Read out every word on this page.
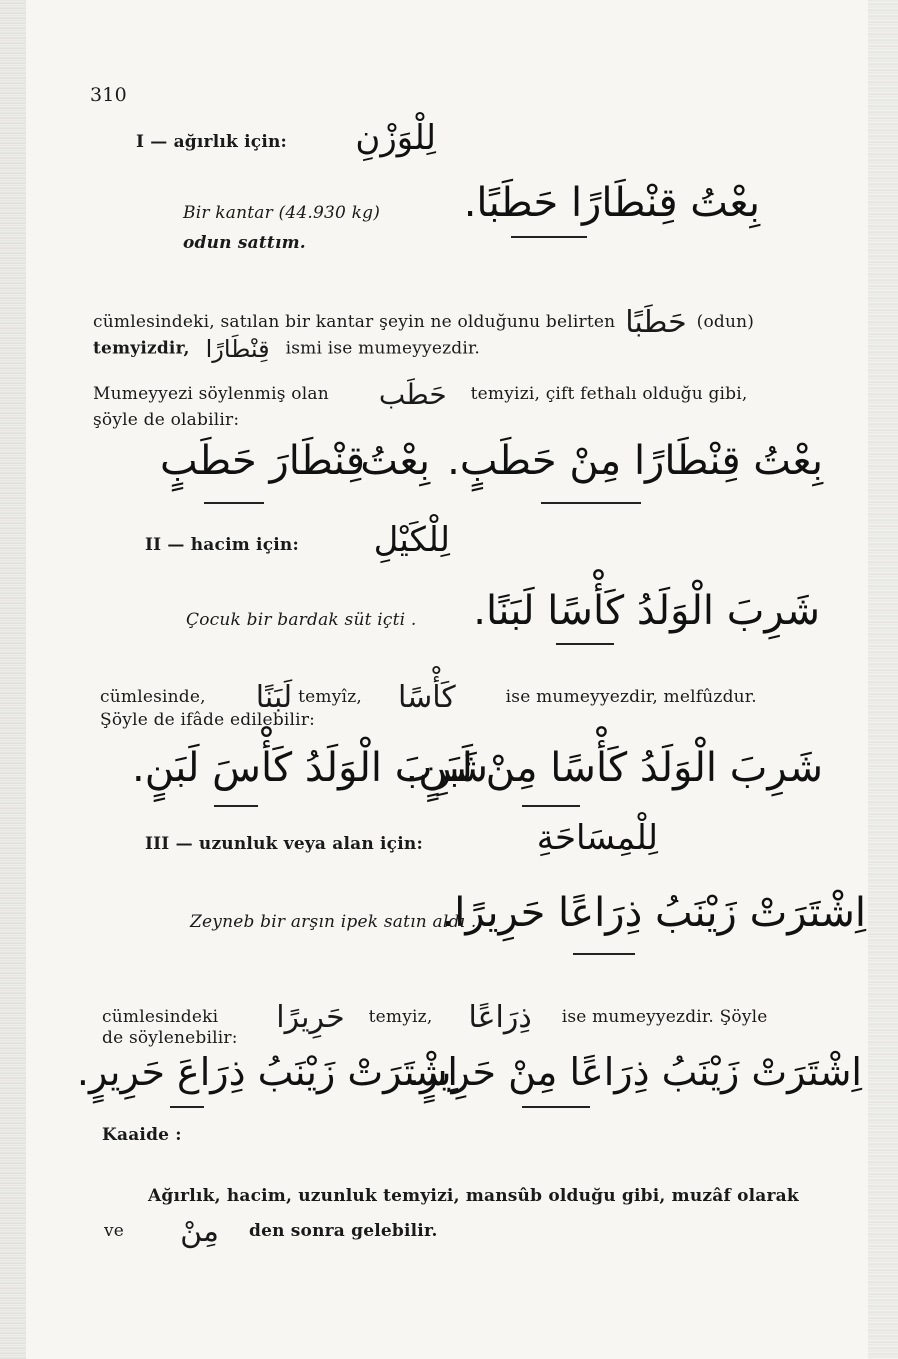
310
I — ağırlık için: لِلْوَزْنِ
Bir kantar (44.930 kg)
odun sattım.
بِعْتُ قِنْطَارًا حَطَبًا.
cümlesindeki, satılan bir kantar şeyin ne olduğunu belirten حَطَبًا (odun)
temyizdir, قِنْطَارًا ismi ise mumeyyezdir.
Mumeyyezi söylenmiş olan حَطَب temyizi, çift fethalı olduğu gibi,
şöyle de olabilir:
بِعْتُ قِنْطَارًا مِنْ حَطَبٍ.
بِعْتُ
قِنْطَارَ حَطَبٍ
II — hacim için: لِلْكَيْلِ
Çocuk bir bardak süt içti . شَرِبَ الْوَلَدُ كَأْسًا لَبَنًا.
cümlesinde, لَبَنًا temyîz, كَأْسًا	ise mumeyyezdir, melfûzdur.
Şöyle de ifâde edilebilir:
شَرِبَ الْوَلَدُ كَأْسًا مِنْ لَبَنٍ.
شَرِبَ الْوَلَدُ كَأْسَ لَبَنٍ.
III — uzunluk veya alan için:	لِلْمِسَاحَةِ
Zeyneb bir arşın ipek satın aldı .
اِشْتَرَتْ زَيْنَبُ ذِرَاعًا حَرِيرًا.
cümlesindeki حَرِيرًا temyiz, ذِرَاعًا ise mumeyyezdir. Şöyle
de söylenebilir:
اِشْتَرَتْ زَيْنَبُ ذِرَاعًا مِنْ حَرِيرٍ.
اِشْتَرَتْ زَيْنَبُ ذِرَاعَ حَرِيرٍ.
Kaaide :
Ağırlık, hacim, uzunluk temyizi, mansûb olduğu gibi, muzâf olarak
ve مِنْ den sonra gelebilir.
